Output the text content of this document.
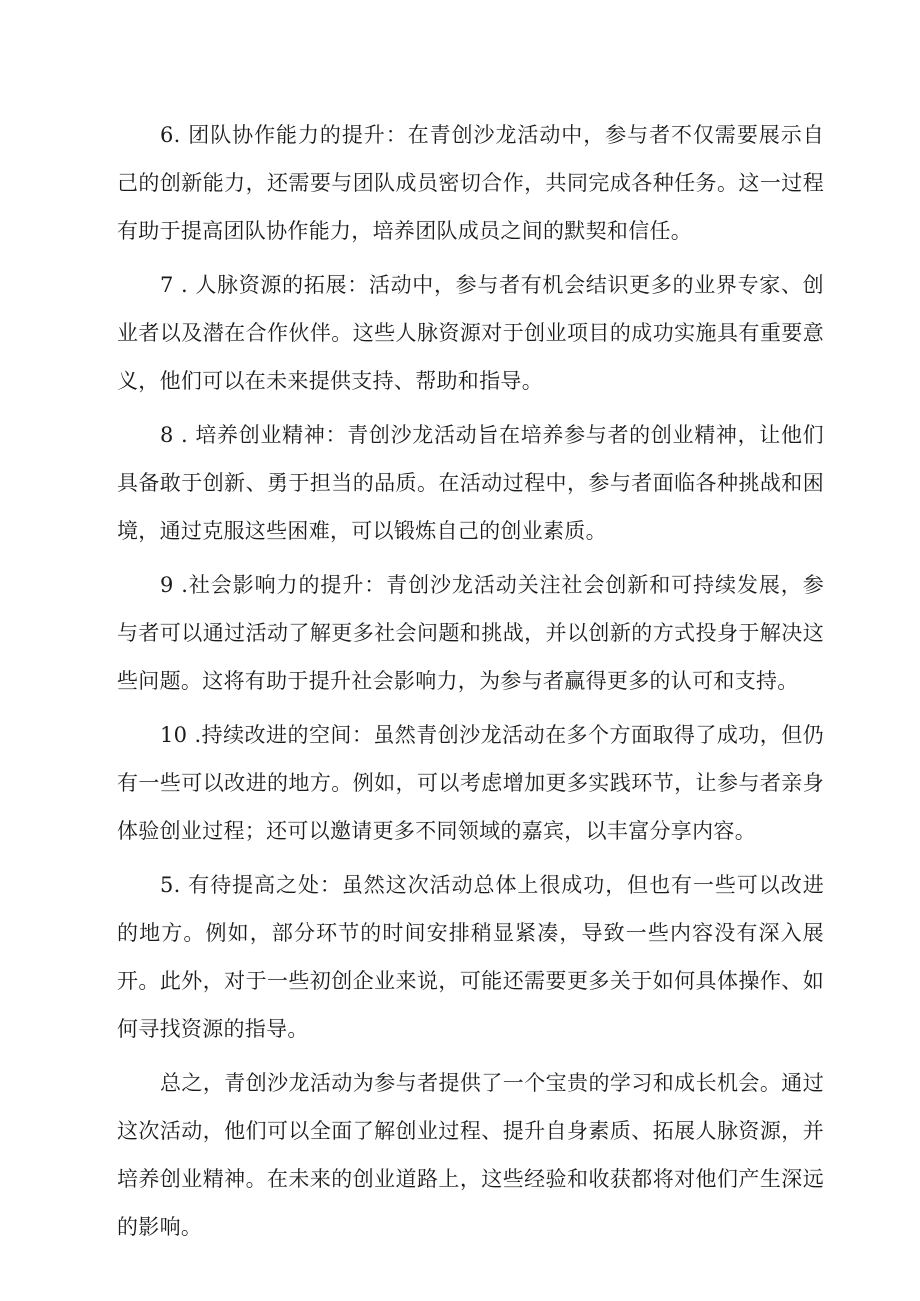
6. 团队协作能力的提升：在青创沙龙活动中，参与者不仅需要展示自己的创新能力，还需要与团队成员密切合作，共同完成各种任务。这一过程有助于提高团队协作能力，培养团队成员之间的默契和信任。

7 . 人脉资源的拓展：活动中，参与者有机会结识更多的业界专家、创业者以及潜在合作伙伴。这些人脉资源对于创业项目的成功实施具有重要意义，他们可以在未来提供支持、帮助和指导。

8 . 培养创业精神：青创沙龙活动旨在培养参与者的创业精神，让他们具备敢于创新、勇于担当的品质。在活动过程中，参与者面临各种挑战和困境，通过克服这些困难，可以锻炼自己的创业素质。

9 .社会影响力的提升：青创沙龙活动关注社会创新和可持续发展，参与者可以通过活动了解更多社会问题和挑战，并以创新的方式投身于解决这些问题。这将有助于提升社会影响力，为参与者赢得更多的认可和支持。

10 .持续改进的空间：虽然青创沙龙活动在多个方面取得了成功，但仍有一些可以改进的地方。例如，可以考虑增加更多实践环节，让参与者亲身体验创业过程；还可以邀请更多不同领域的嘉宾，以丰富分享内容。

5. 有待提高之处：虽然这次活动总体上很成功，但也有一些可以改进的地方。例如，部分环节的时间安排稍显紧凑，导致一些内容没有深入展开。此外，对于一些初创企业来说，可能还需要更多关于如何具体操作、如何寻找资源的指导。

总之，青创沙龙活动为参与者提供了一个宝贵的学习和成长机会。通过这次活动，他们可以全面了解创业过程、提升自身素质、拓展人脉资源，并培养创业精神。在未来的创业道路上，这些经验和收获都将对他们产生深远的影响。
